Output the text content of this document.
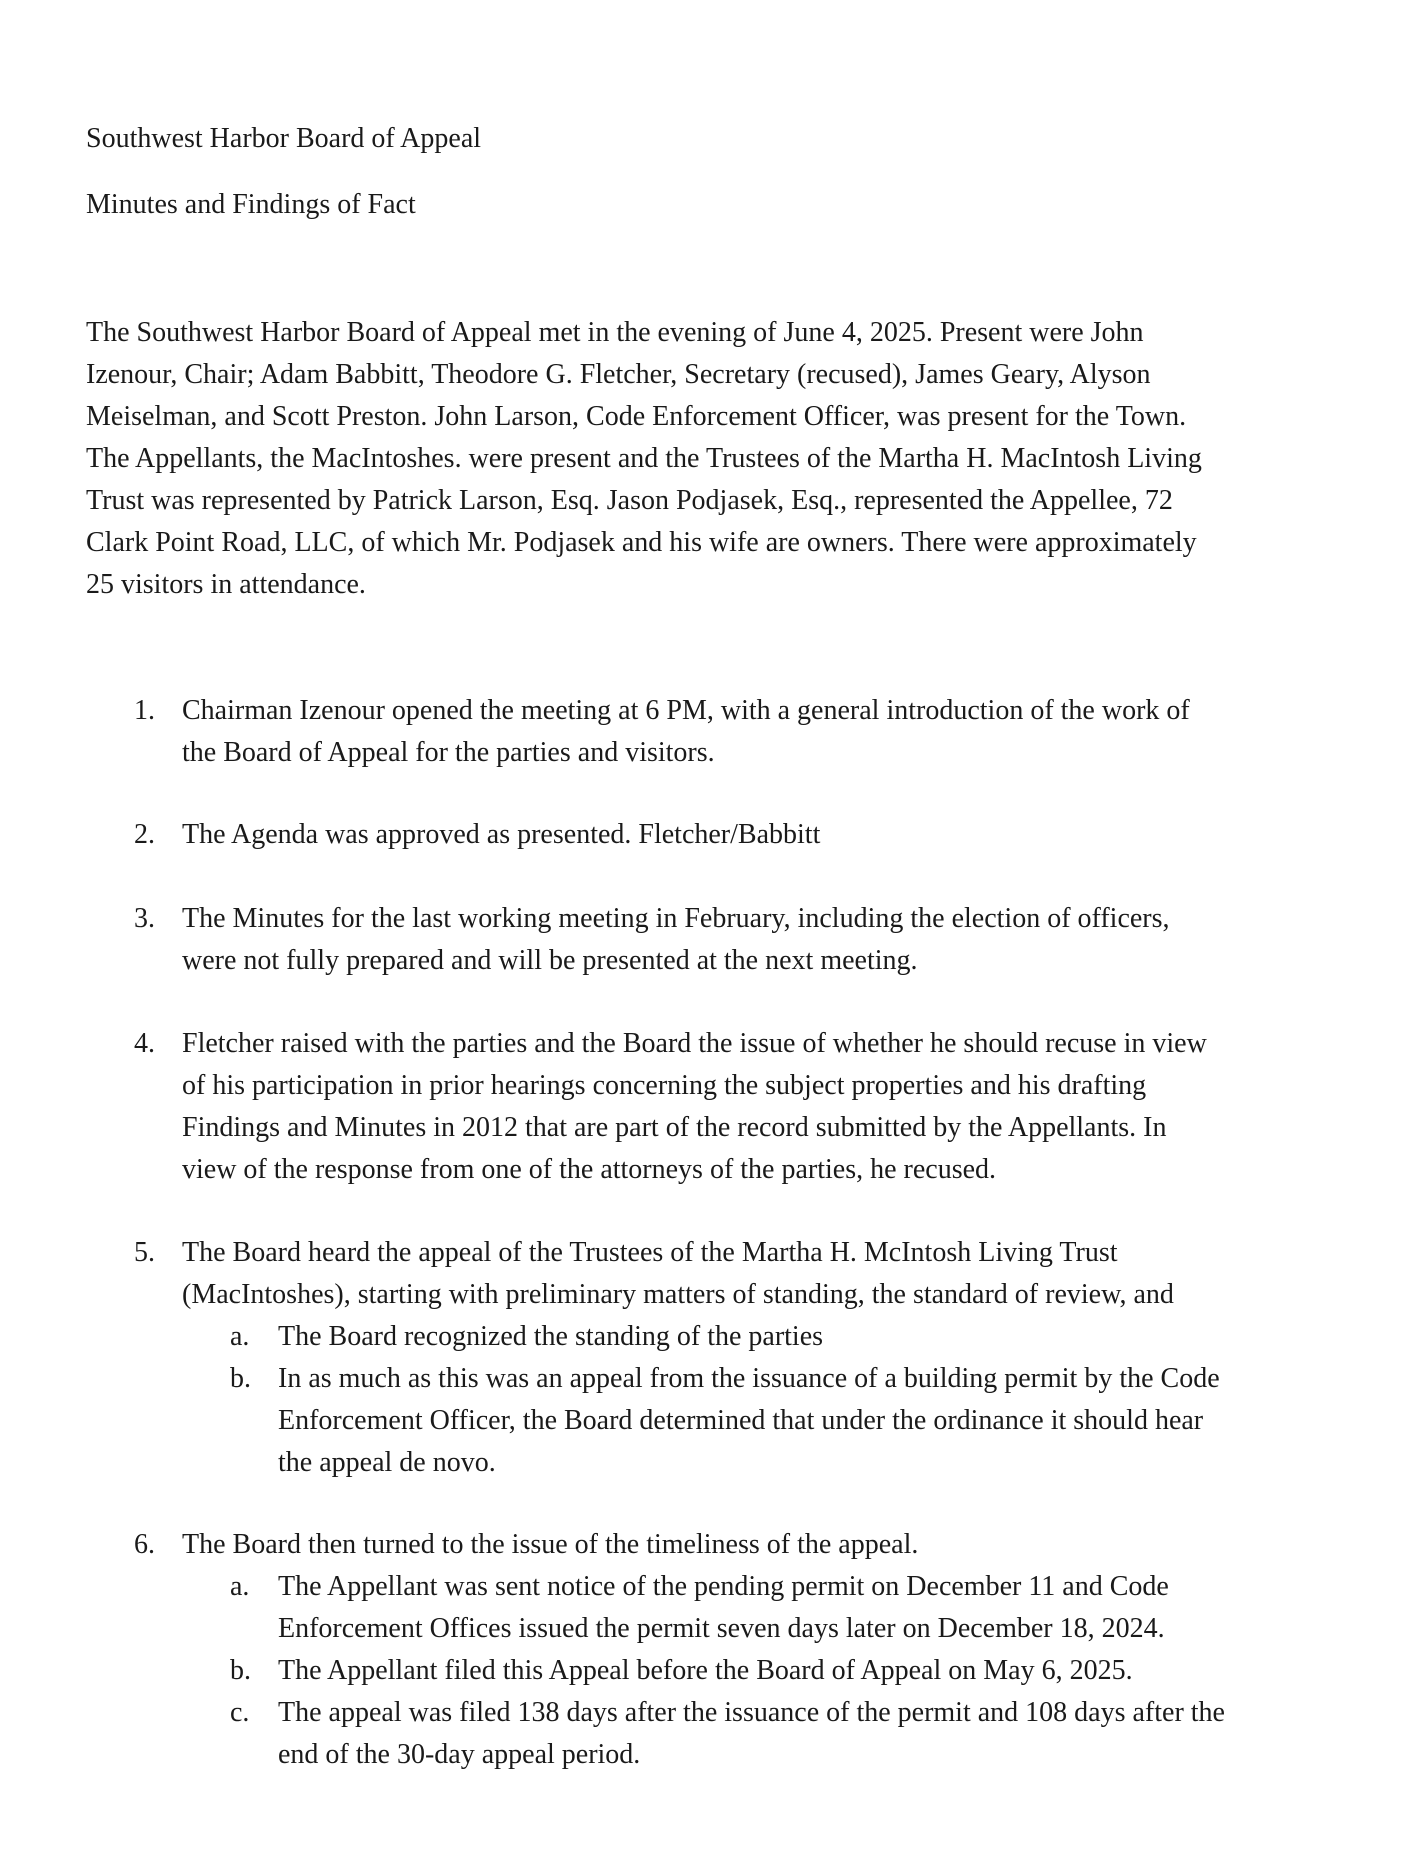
Southwest Harbor Board of Appeal

Minutes and Findings of Fact

The Southwest Harbor Board of Appeal met in the evening of June 4, 2025. Present were John
Izenour, Chair; Adam Babbitt, Theodore G. Fletcher, Secretary (recused), James Geary, Alyson
Meiselman, and Scott Preston. John Larson, Code Enforcement Officer, was present for the Town.
The Appellants, the MacIntoshes. were present and the Trustees of the Martha H. MacIntosh Living
Trust was represented by Patrick Larson, Esq. Jason Podjasek, Esq., represented the Appellee, 72
Clark Point Road, LLC, of which Mr. Podjasek and his wife are owners. There were approximately
25 visitors in attendance.
1. Chairman Izenour opened the meeting at 6 PM, with a general introduction of the work of
the Board of Appeal for the parties and visitors.
2. The Agenda was approved as presented. Fletcher/Babbitt
3. The Minutes for the last working meeting in February, including the election of officers,
were not fully prepared and will be presented at the next meeting.
4. Fletcher raised with the parties and the Board the issue of whether he should recuse in view
of his participation in prior hearings concerning the subject properties and his drafting
Findings and Minutes in 2012 that are part of the record submitted by the Appellants. In
view of the response from one of the attorneys of the parties, he recused.
5. The Board heard the appeal of the Trustees of the Martha H. McIntosh Living Trust
(MacIntoshes), starting with preliminary matters of standing, the standard of review, and
a. The Board recognized the standing of the parties
b. In as much as this was an appeal from the issuance of a building permit by the Code
Enforcement Officer, the Board determined that under the ordinance it should hear
the appeal de novo.
6. The Board then turned to the issue of the timeliness of the appeal.
a. The Appellant was sent notice of the pending permit on December 11 and Code
Enforcement Offices issued the permit seven days later on December 18, 2024.
b. The Appellant filed this Appeal before the Board of Appeal on May 6, 2025.
c. The appeal was filed 138 days after the issuance of the permit and 108 days after the
end of the 30-day appeal period.
